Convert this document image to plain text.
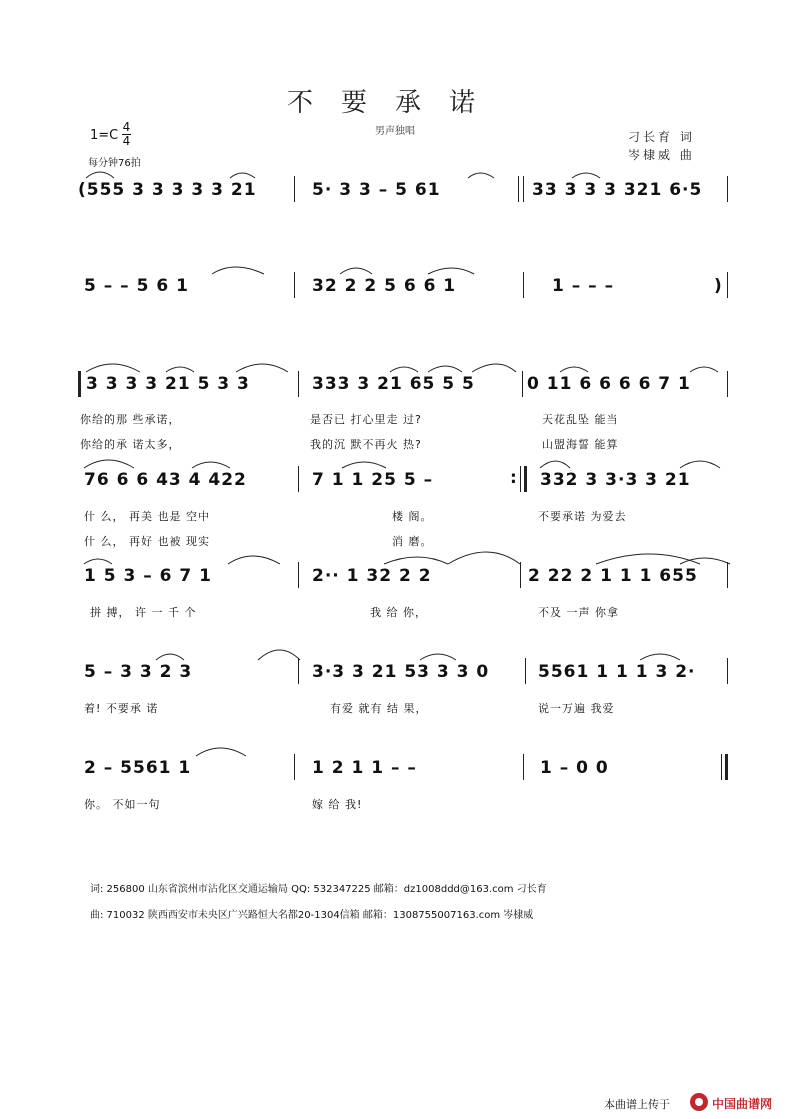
不要承诺
男声独唱
1=C
4
4
每分钟76拍
刁长育 词
岑棣威 曲
(555 3 3 3 3 3 21	5· 3 3 – 5 61	33 3 3 3 321 6·5
5 – – 5 6 1	32 2 2 5 6 6 1	1 – – –	)
3 3 3 3 21 5 3 3	333 3 21 65 5 5	0 11 6 6 6 6 7 1
你给的那 些承诺，	是否已 打心里走 过?	天花乱坠 能当
你给的承 诺太多，	我的沉 默不再火 热?	山盟海誓 能算
76 6 6 43 4 422	7 1 1 25 5 –	332 3 3·3 3 21
:
什 么， 再美 也是 空中	楼 阁。	不要承诺 为爱去
什 么， 再好 也被 现实	消 磨。
1 5 3 – 6 7 1	2·· 1 32 2 2	2 22 2 1 1 1 655
拼 搏， 许 一 千 个	我 给 你，	不及 一声 你拿
5 – 3 3 2 3	3·3 3 21 53 3 3 0	5561 1 1 1 3 2·
着! 不要承 诺	有爱 就有 结 果，	说一万遍 我爱
2 – 5561 1	1 2 1 1 – –	1 – 0 0
你。 不如一句	嫁 给 我!
词: 256800 山东省滨州市沾化区交通运输局 QQ: 532347225 邮箱：dz1008ddd@163.com 刁长育
曲: 710032 陕西西安市未央区广兴路恒大名都20-1304信箱 邮箱：1308755007163.com 岑棣威
本曲谱上传于	中国曲谱网
